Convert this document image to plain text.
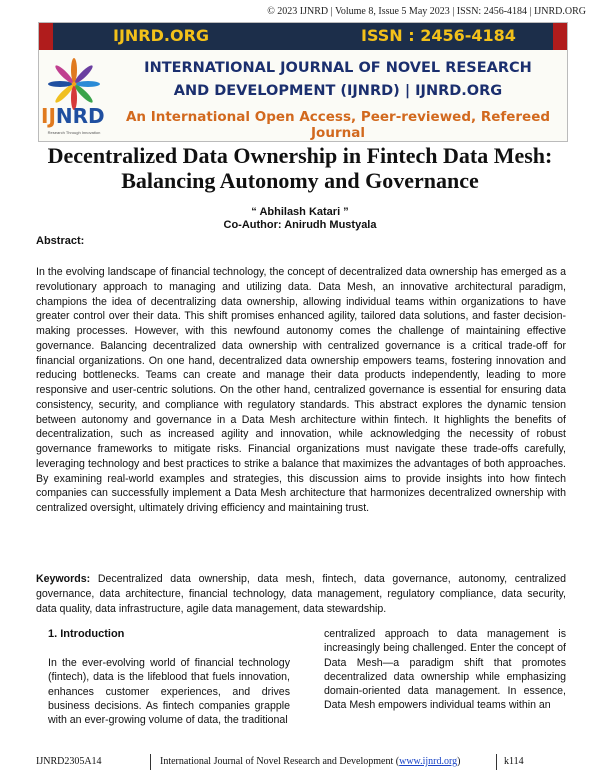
© 2023 IJNRD | Volume 8, Issue 5 May 2023 | ISSN: 2456-4184 | IJNRD.ORG
IJNRD.ORG	ISSN : 2456-4184
IJNRD
Research Through Innovation
INTERNATIONAL JOURNAL OF NOVEL RESEARCH
AND DEVELOPMENT (IJNRD) | IJNRD.ORG
An International Open Access, Peer-reviewed, Refereed Journal
Decentralized Data Ownership in Fintech Data Mesh: Balancing Autonomy and Governance
“ Abhilash Katari ”
Co-Author: Anirudh Mustyala
Abstract:

In the evolving landscape of financial technology, the concept of decentralized data ownership has emerged as a revolutionary approach to managing and utilizing data. Data Mesh, an innovative architectural paradigm, champions the idea of decentralizing data ownership, allowing individual teams within organizations to have greater control over their data. This shift promises enhanced agility, tailored data solutions, and faster decision-making processes. However, with this newfound autonomy comes the challenge of maintaining effective governance. Balancing decentralized data ownership with centralized governance is a critical trade-off for financial organizations. On one hand, decentralized data ownership empowers teams, fostering innovation and reducing bottlenecks. Teams can create and manage their data products independently, leading to more responsive and user-centric solutions. On the other hand, centralized governance is essential for ensuring data consistency, security, and compliance with regulatory standards. This abstract explores the dynamic tension between autonomy and governance in a Data Mesh architecture within fintech. It highlights the benefits of decentralization, such as increased agility and innovation, while acknowledging the necessity of robust governance frameworks to mitigate risks. Financial organizations must navigate these trade-offs carefully, leveraging technology and best practices to strike a balance that maximizes the advantages of both approaches. By examining real-world examples and strategies, this discussion aims to provide insights into how fintech companies can successfully implement a Data Mesh architecture that harmonizes decentralized ownership with centralized oversight, ultimately driving efficiency and maintaining trust.

Keywords: Decentralized data ownership, data mesh, fintech, data governance, autonomy, centralized governance, data architecture, financial technology, data management, regulatory compliance, data security, data quality, data infrastructure, agile data management, data stewardship.

1. Introduction

In the ever-evolving world of financial technology (fintech), data is the lifeblood that fuels innovation, enhances customer experiences, and drives business decisions. As fintech companies grapple with an ever-growing volume of data, the traditional

centralized approach to data management is increasingly being challenged. Enter the concept of Data Mesh—a paradigm shift that promotes decentralized data ownership while emphasizing domain-oriented data management. In essence, Data Mesh empowers individual teams within an

IJNRD2305A14	International Journal of Novel Research and Development (www.ijnrd.org)	k114
